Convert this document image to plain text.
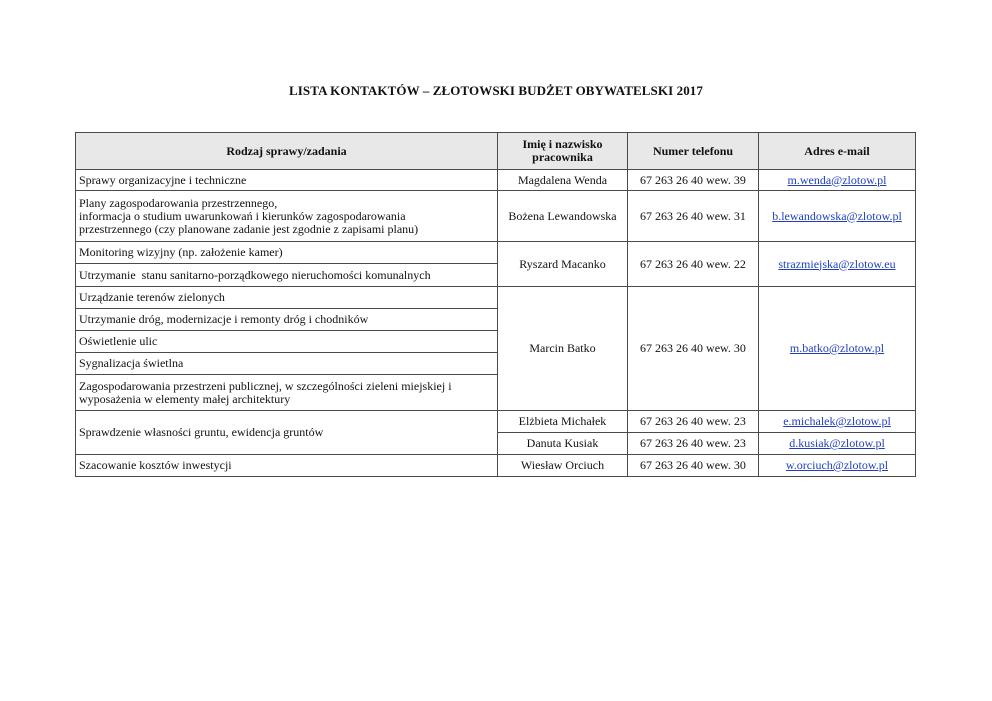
LISTA KONTAKTÓW – ZŁOTOWSKI BUDŻET OBYWATELSKI 2017
Rodzaj sprawy/zadania	Imię i nazwisko
pracownika	Numer telefonu	Adres e-mail

Sprawy organizacyjne i techniczne	Magdalena Wenda	67 263 26 40 wew. 39	m.wenda@zlotow.pl

Plany zagospodarowania przestrzennego,
informacja o studium uwarunkowań i kierunków zagospodarowania
przestrzennego (czy planowane zadanie jest zgodnie z zapisami planu)	Bożena Lewandowska	67 263 26 40 wew. 31	b.lewandowska@zlotow.pl

Monitoring wizyjny (np. założenie kamer)	Ryszard Macanko	67 263 26 40 wew. 22	strazmiejska@zlotow.eu

Utrzymanie  stanu sanitarno-porządkowego nieruchomości komunalnych			

Urządzanie terenów zielonych	Marcin Batko	67 263 26 40 wew. 30	m.batko@zlotow.pl

Utrzymanie dróg, modernizacje i remonty dróg i chodników			

Oświetlenie ulic			

Sygnalizacja świetlna			

Zagospodarowania przestrzeni publicznej, w szczególności zieleni miejskiej i
wyposażenia w elementy małej architektury			

Sprawdzenie własności gruntu, ewidencja gruntów	Elżbieta Michałek	67 263 26 40 wew. 23	e.michalek@zlotow.pl
	Danuta Kusiak	67 263 26 40 wew. 23	d.kusiak@zlotow.pl

Szacowanie kosztów inwestycji	Wiesław Orciuch	67 263 26 40 wew. 30	w.orciuch@zlotow.pl
